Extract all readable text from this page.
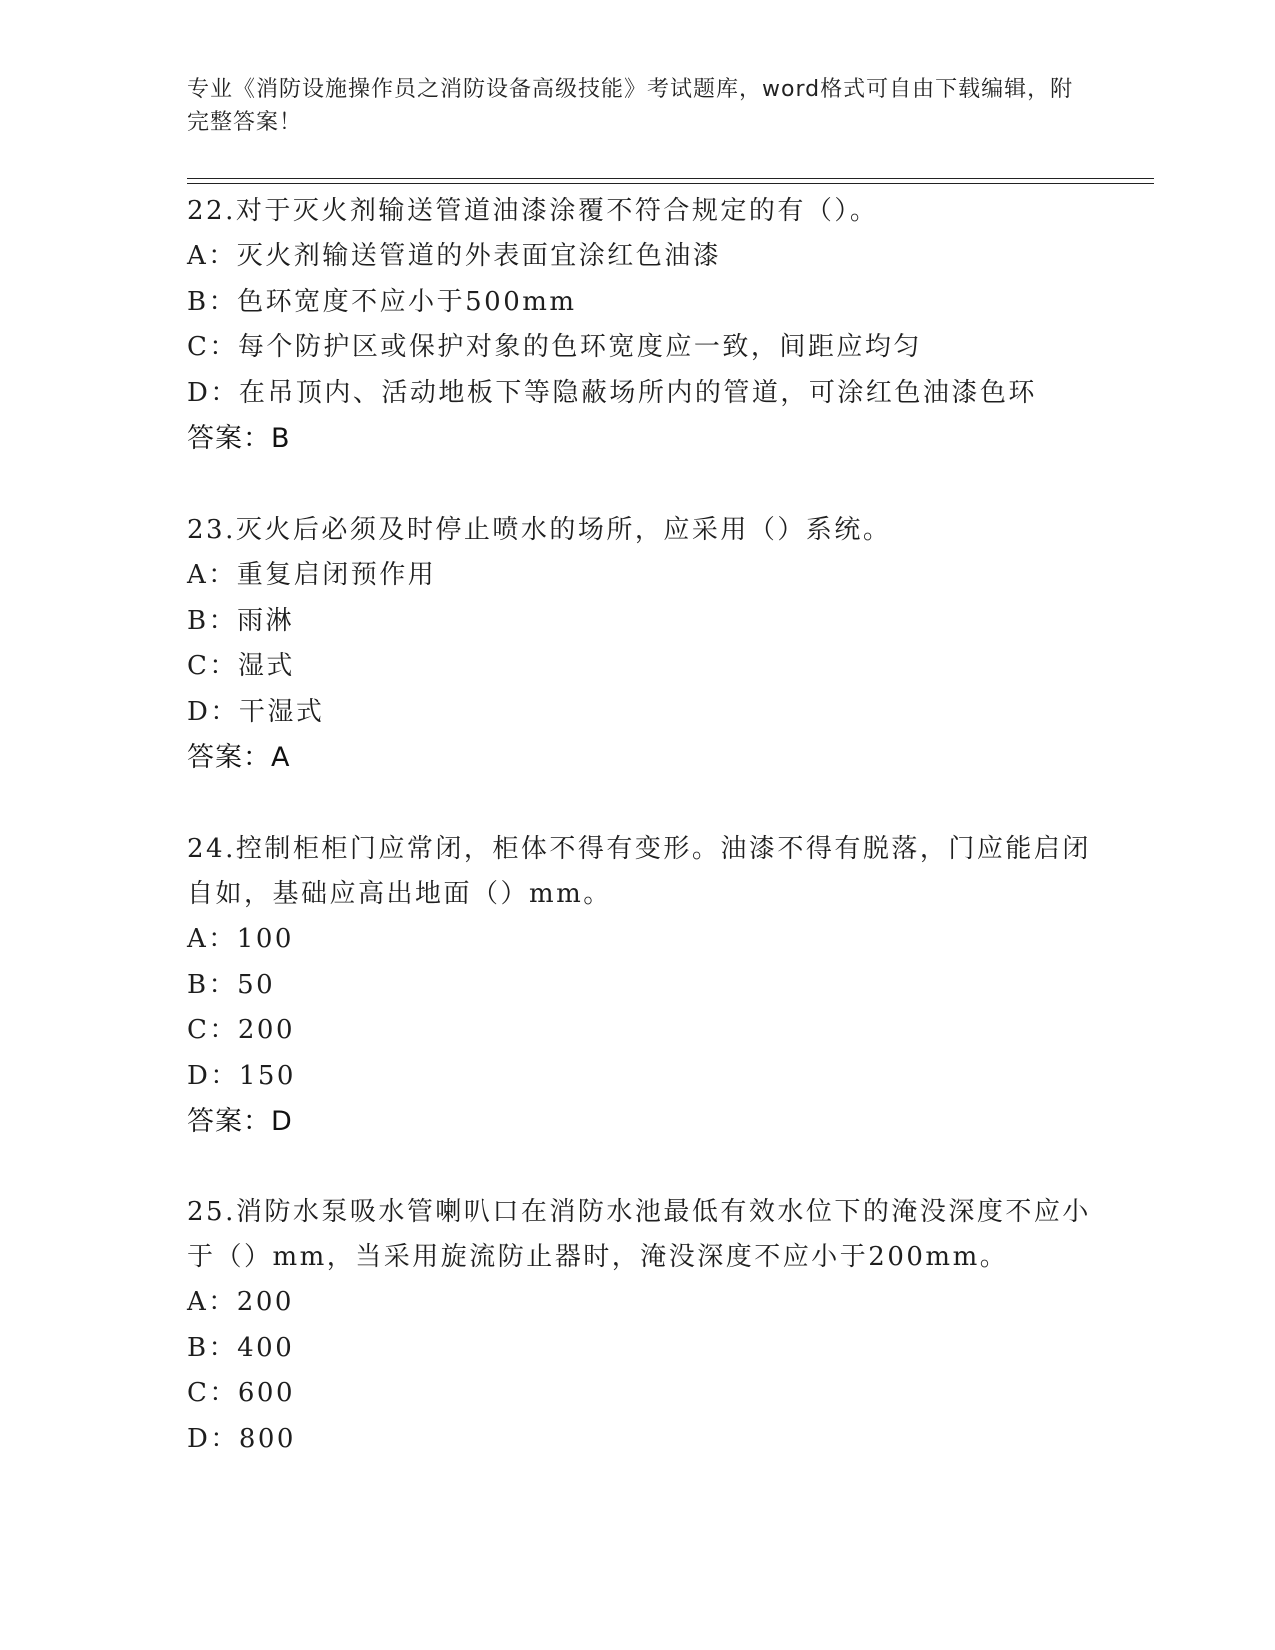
专业《消防设施操作员之消防设备高级技能》考试题库，word格式可自由下载编辑，附完整答案！
22.对于灭火剂输送管道油漆涂覆不符合规定的有（）。
A：灭火剂输送管道的外表面宜涂红色油漆
B：色环宽度不应小于500mm
C：每个防护区或保护对象的色环宽度应一致，间距应均匀
D：在吊顶内、活动地板下等隐蔽场所内的管道，可涂红色油漆色环
答案：B
23.灭火后必须及时停止喷水的场所，应采用（）系统。
A：重复启闭预作用
B：雨淋
C：湿式
D：干湿式
答案：A
24.控制柜柜门应常闭，柜体不得有变形。油漆不得有脱落，门应能启闭自如，基础应高出地面（）mm。
A：100
B：50
C：200
D：150
答案：D
25.消防水泵吸水管喇叭口在消防水池最低有效水位下的淹没深度不应小于（）mm，当采用旋流防止器时，淹没深度不应小于200mm。
A：200
B：400
C：600
D：800
